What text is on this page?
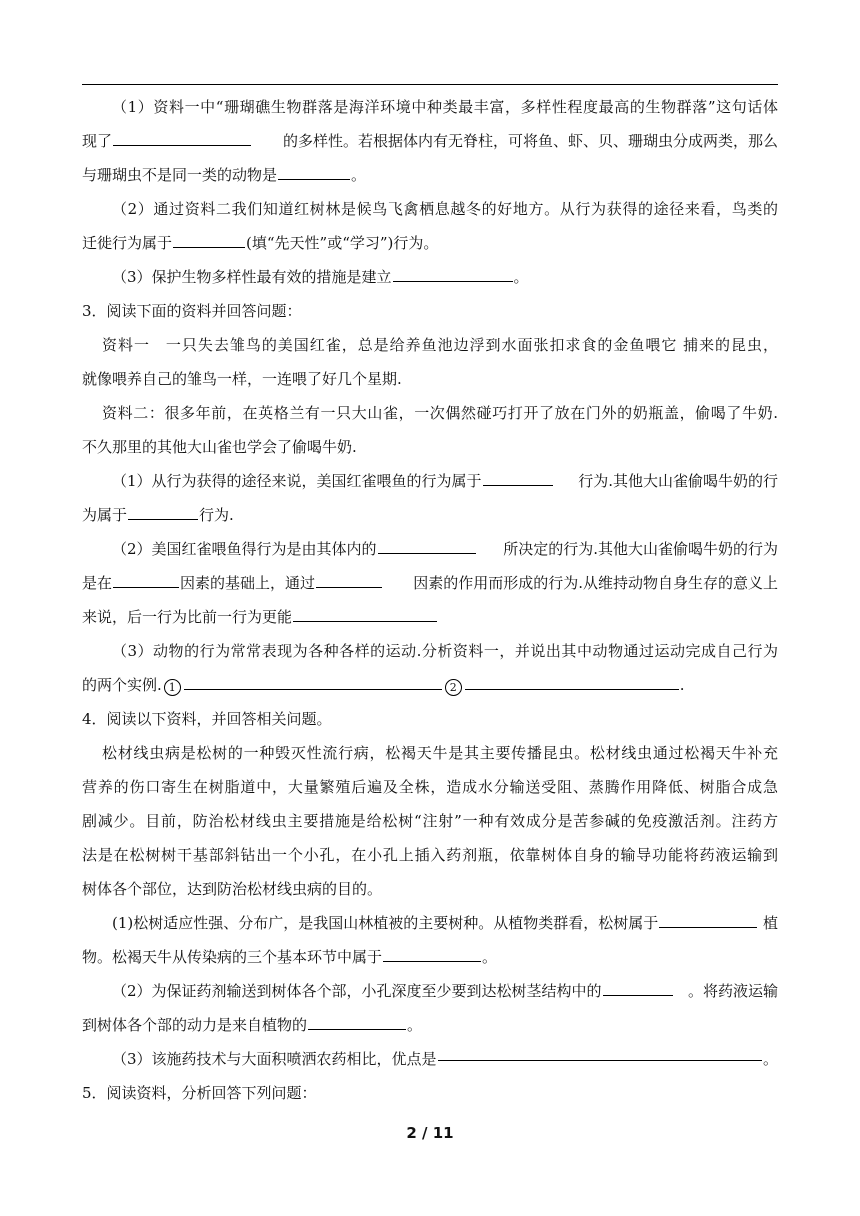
（1）资料一中“珊瑚礁生物群落是海洋环境中种类最丰富，多样性程度最高的生物群落”这句话体
现了	的多样性。若根据体内有无脊柱，可将鱼、虾、贝、珊瑚虫分成两类，那么
与珊瑚虫不是同一类的动物是	。
（2）通过资料二我们知道红树林是候鸟飞禽栖息越冬的好地方。从行为获得的途径来看，鸟类的
迁徙行为属于	(填“先天性”或“学习”)行为。
（3）保护生物多样性最有效的措施是建立	。
3．阅读下面的资料并回答问题：
资料一　一只失去雏鸟的美国红雀，总是给养鱼池边浮到水面张扣求食的金鱼喂它 捕来的昆虫，
就像喂养自己的雏鸟一样，一连喂了好几个星期.
资料二：很多年前，在英格兰有一只大山雀，一次偶然碰巧打开了放在门外的奶瓶盖，偷喝了牛奶.
不久那里的其他大山雀也学会了偷喝牛奶.
（1）从行为获得的途径来说，美国红雀喂鱼的行为属于	行为.其他大山雀偷喝牛奶的行
为属于	行为.
（2）美国红雀喂鱼得行为是由其体内的	所决定的行为.其他大山雀偷喝牛奶的行为
是在	因素的基础上，通过	因素的作用而形成的行为.从维持动物自身生存的意义上
来说，后一行为比前一行为更能
（3）动物的行为常常表现为各种各样的运动.分析资料一，并说出其中动物通过运动完成自己行为
的两个实例. 1	2	.
4．阅读以下资料，并回答相关问题。
松材线虫病是松树的一种毁灭性流行病，松褐天牛是其主要传播昆虫。松材线虫通过松褐天牛补充
营养的伤口寄生在树脂道中，大量繁殖后遍及全株，造成水分输送受阻、蒸腾作用降低、树脂合成急
剧减少。目前，防治松材线虫主要措施是给松树“注射”一种有效成分是苦参碱的免疫激活剂。注药方
法是在松树树干基部斜钻出一个小孔，在小孔上插入药剂瓶，依靠树体自身的输导功能将药液运输到
树体各个部位，达到防治松材线虫病的目的。
(1)松树适应性强、分布广，是我国山林植被的主要树种。从植物类群看，松树属于	植
物。松褐天牛从传染病的三个基本环节中属于	。
（2）为保证药剂输送到树体各个部，小孔深度至少要到达松树茎结构中的	。将药液运输
到树体各个部的动力是来自植物的	。
（3）该施药技术与大面积喷洒农药相比，优点是	。
5．阅读资料，分析回答下列问题：
2 / 11
